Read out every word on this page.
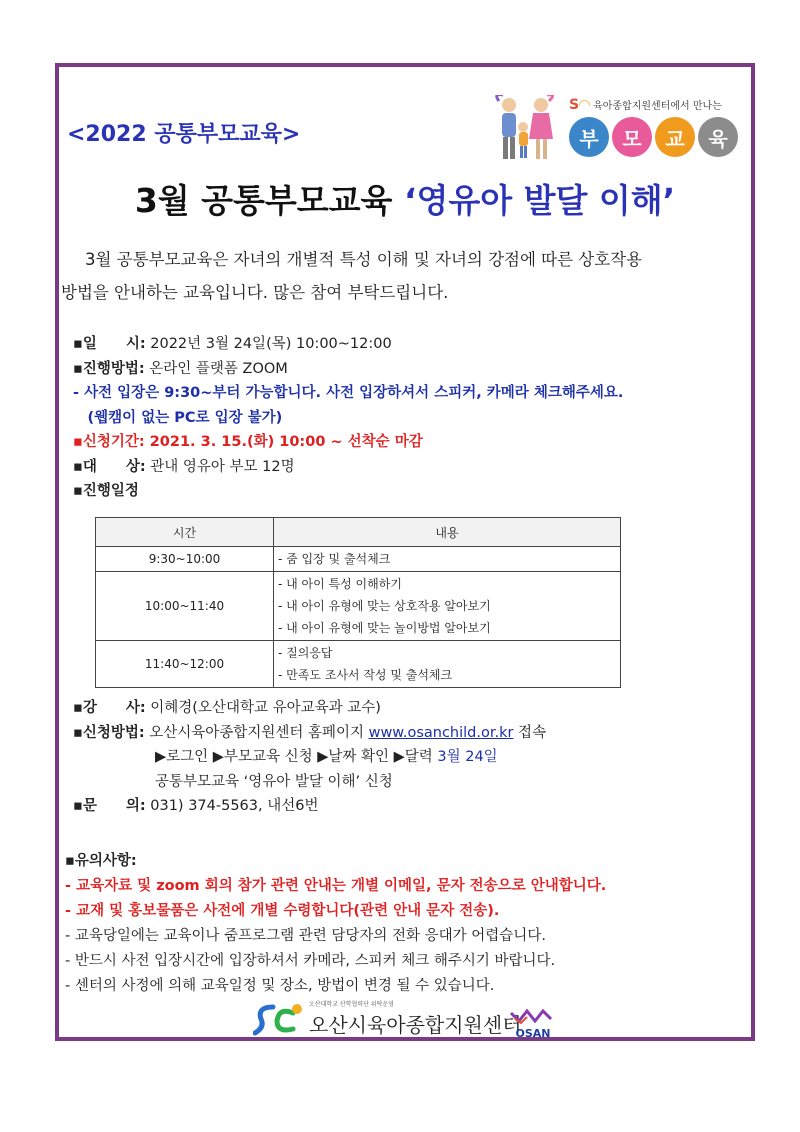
<2022 공통부모교육>
S◠ 육아종합지원센터에서 만나는
부	모	교	육
3월 공통부모교육 ‘영유아 발달 이해’
3월 공통부모교육은 자녀의 개별적 특성 이해 및 자녀의 강점에 따른 상호작용
방법을 안내하는 교육입니다. 많은 참여 부탁드립니다.
▪일　　시: 2022년 3월 24일(목) 10:00~12:00
▪진행방법: 온라인 플랫폼 ZOOM
- 사전 입장은 9:30~부터 가능합니다. 사전 입장하셔서 스피커, 카메라 체크해주세요.
　(웹캠이 없는 PC로 입장 불가)
▪신청기간: 2021. 3. 15.(화) 10:00 ~ 선착순 마감
▪대　　상: 관내 영유아 부모 12명
▪진행일정
시간	내용
9:30~10:00	- 줌 입장 및 출석체크

10:00~11:40	- 내 아이 특성 이해하기
- 내 아이 유형에 맞는 상호작용 알아보기
- 내 아이 유형에 맞는 놀이방법 알아보기

11:40~12:00	- 질의응답
- 만족도 조사서 작성 및 출석체크
▪강　　사: 이혜경(오산대학교 유아교육과 교수)
▪신청방법: 오산시육아종합지원센터 홈페이지 www.osanchild.or.kr 접속
▶로그인 ▶부모교육 신청 ▶날짜 확인 ▶달력 3월 24일
공통부모교육 ‘영유아 발달 이해’ 신청
▪문　　의: 031) 374-5563, 내선6번
▪유의사항:
- 교육자료 및 zoom 회의 참가 관련 안내는 개별 이메일, 문자 전송으로 안내합니다.
- 교재 및 홍보물품은 사전에 개별 수령합니다(관련 안내 문자 전송).
- 교육당일에는 교육이나 줌프로그램 관련 담당자의 전화 응대가 어렵습니다.
- 반드시 사전 입장시간에 입장하셔서 카메라, 스피커 체크 해주시기 바랍니다.
- 센터의 사정에 의해 교육일정 및 장소, 방법이 변경 될 수 있습니다.
오산대학교 산학협력단 위탁운영
오산시육아종합지원센터
OSAN
